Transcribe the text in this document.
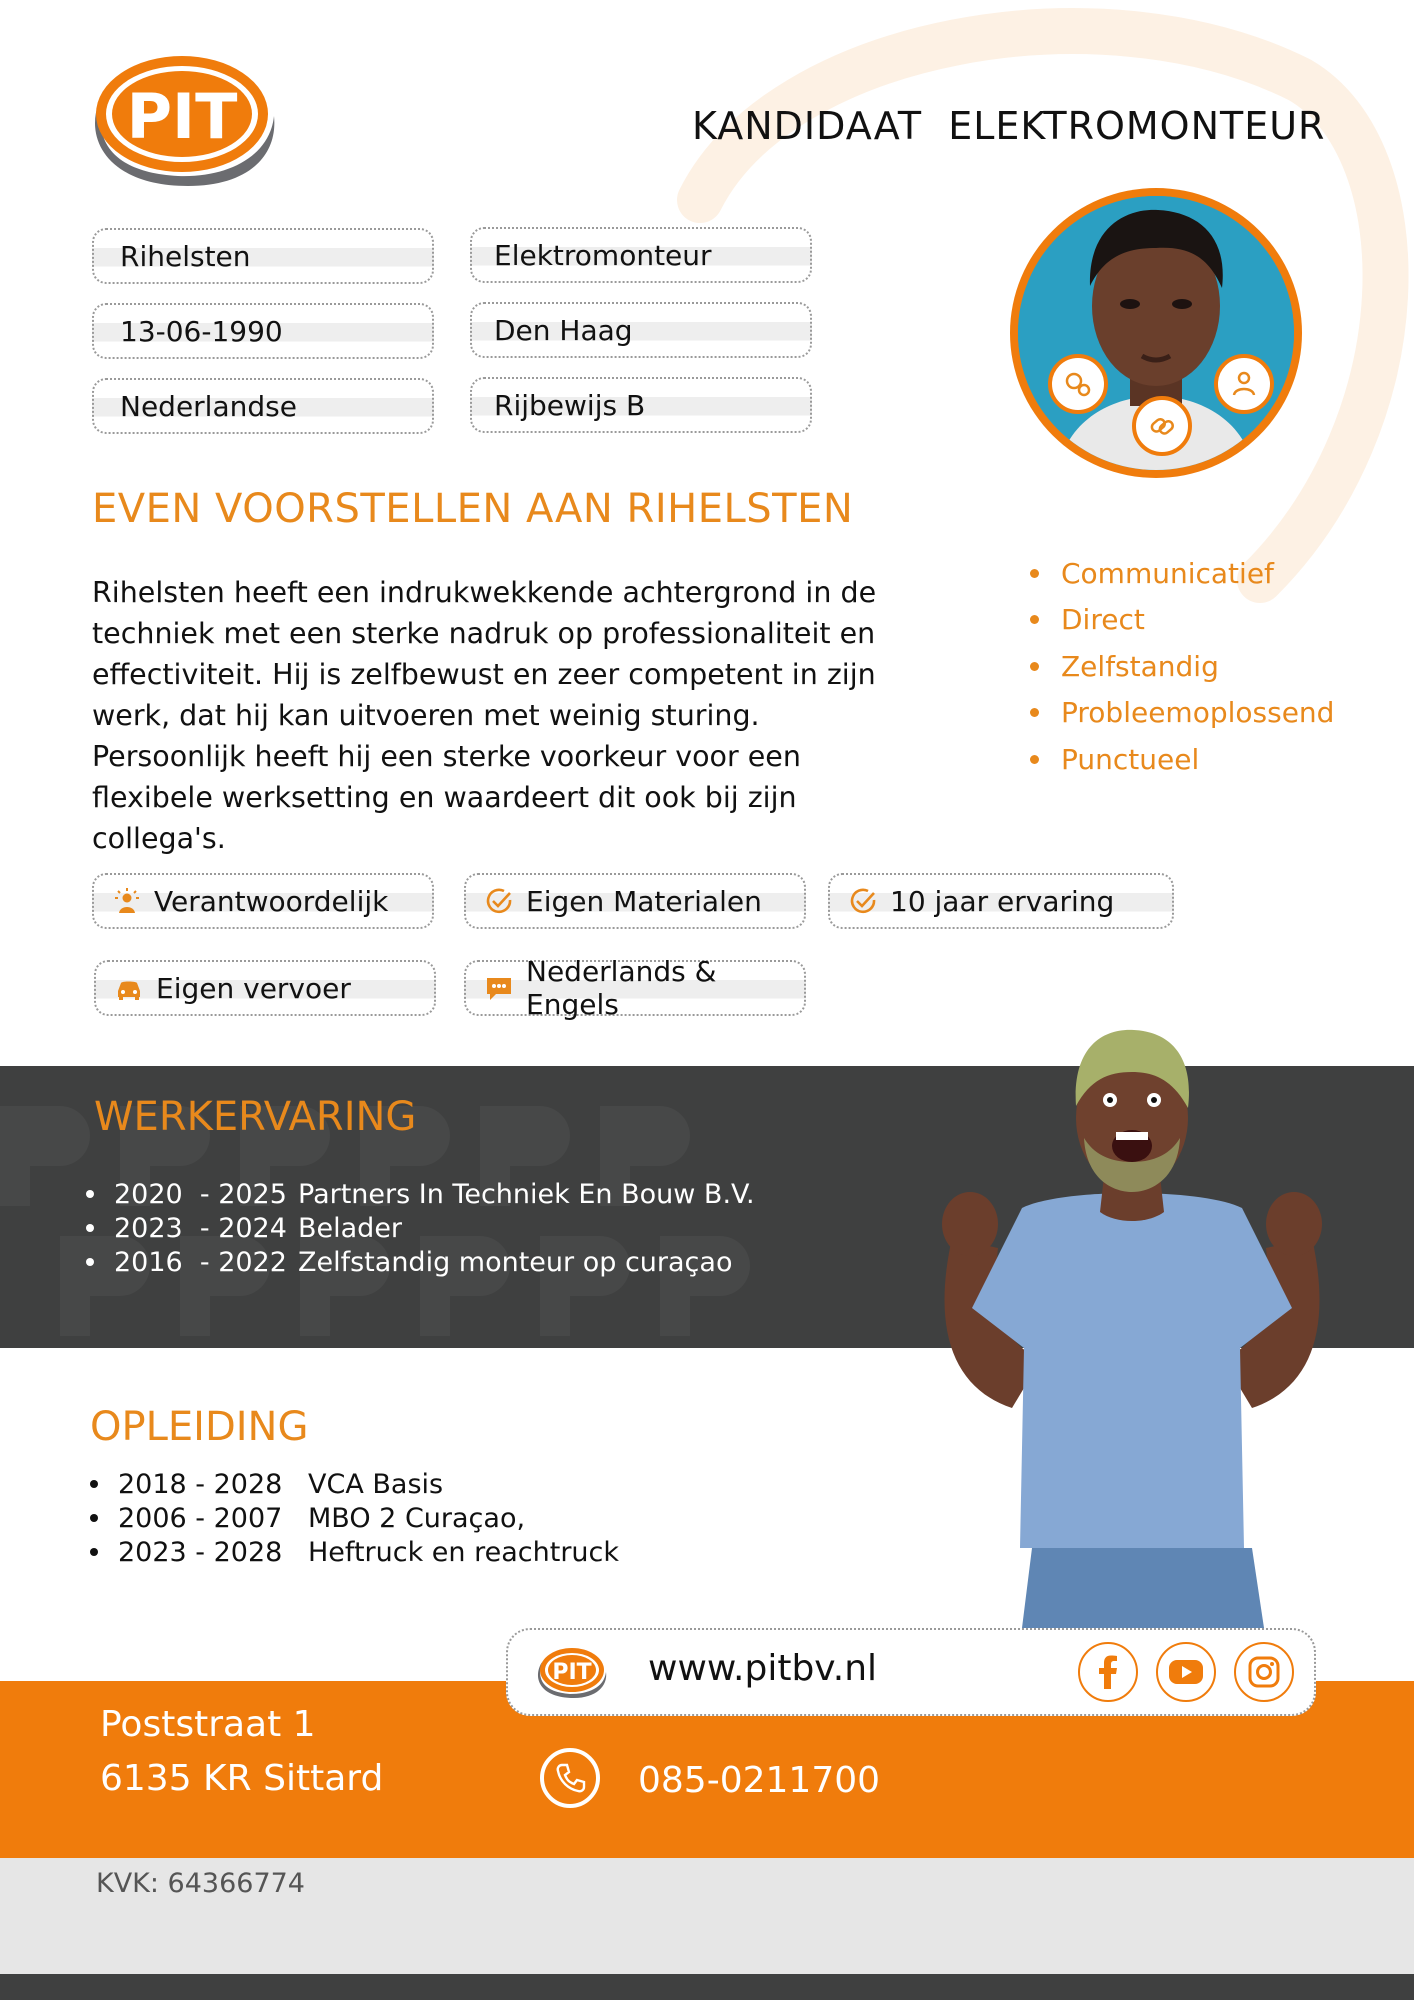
PIT	KANDIDAAT  ELEKTROMONTEUR
Rihelsten
13-06-1990
Nederlandse
Elektromonteur
Den Haag
Rijbewijs B
EVEN VOORSTELLEN AAN RIHELSTEN
Rihelsten heeft een indrukwekkende achtergrond in de techniek met een sterke nadruk op professionaliteit en effectiviteit. Hij is zelfbewust en zeer competent in zijn werk, dat hij kan uitvoeren met weinig sturing. Persoonlijk heeft hij een sterke voorkeur voor een flexibele werksetting en waardeert dit ook bij zijn collega's.
Communicatief
Direct
Zelfstandig
Probleemoplossend
Punctueel
Verantwoordelijk	Eigen Materialen	10 jaar ervaring
Eigen vervoer	Nederlands & Engels
WERKERVARING
2020  - 2025 Partners In Techniek En Bouw B.V.
2023  - 2024 Belader
2016  - 2022 Zelfstandig monteur op curaçao
OPLEIDING
2018 - 2028 VCA Basis
2006 - 2007 MBO 2 Curaçao,
2023 - 2028 Heftruck en reachtruck
PIT www.pitbv.nl
Poststraat 1
6135 KR Sittard	085-0211700
KVK: 64366774
